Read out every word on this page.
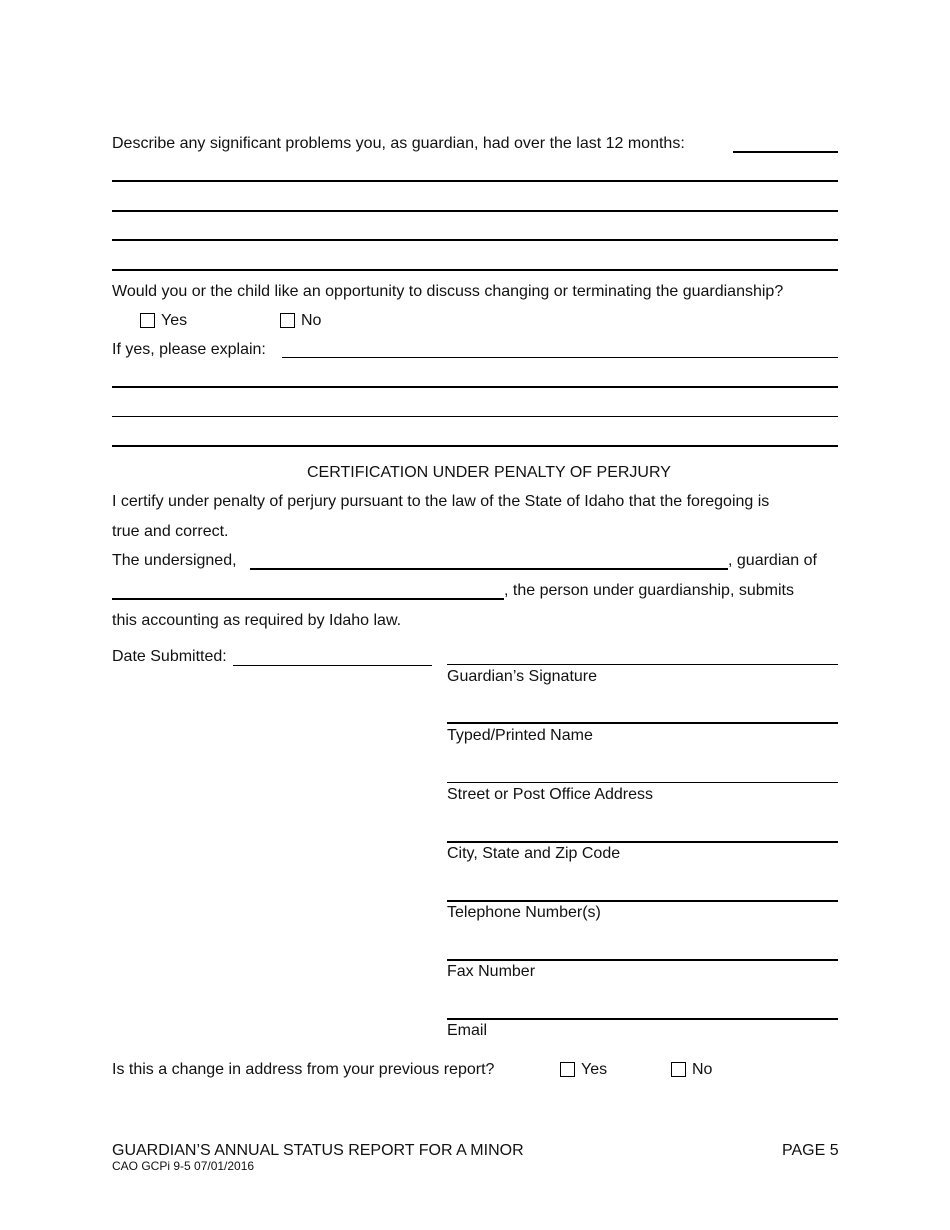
Describe any significant problems you, as guardian, had over the last 12 months:
Would you or the child like an opportunity to discuss changing or terminating the guardianship?
Yes	No
If yes, please explain:
CERTIFICATION UNDER PENALTY OF PERJURY
I certify under penalty of perjury pursuant to the law of the State of Idaho that the foregoing is
true and correct.
The undersigned,	, guardian of
, the person under guardianship, submits
this accounting as required by Idaho law.
Date Submitted:
Guardian’s Signature
Typed/Printed Name
Street or Post Office Address
City, State and Zip Code
Telephone Number(s)
Fax Number
Email
Is this a change in address from your previous report?	Yes	No
GUARDIAN’S ANNUAL STATUS REPORT FOR A MINOR
CAO GCPi 9-5 07/01/2016
PAGE 5
